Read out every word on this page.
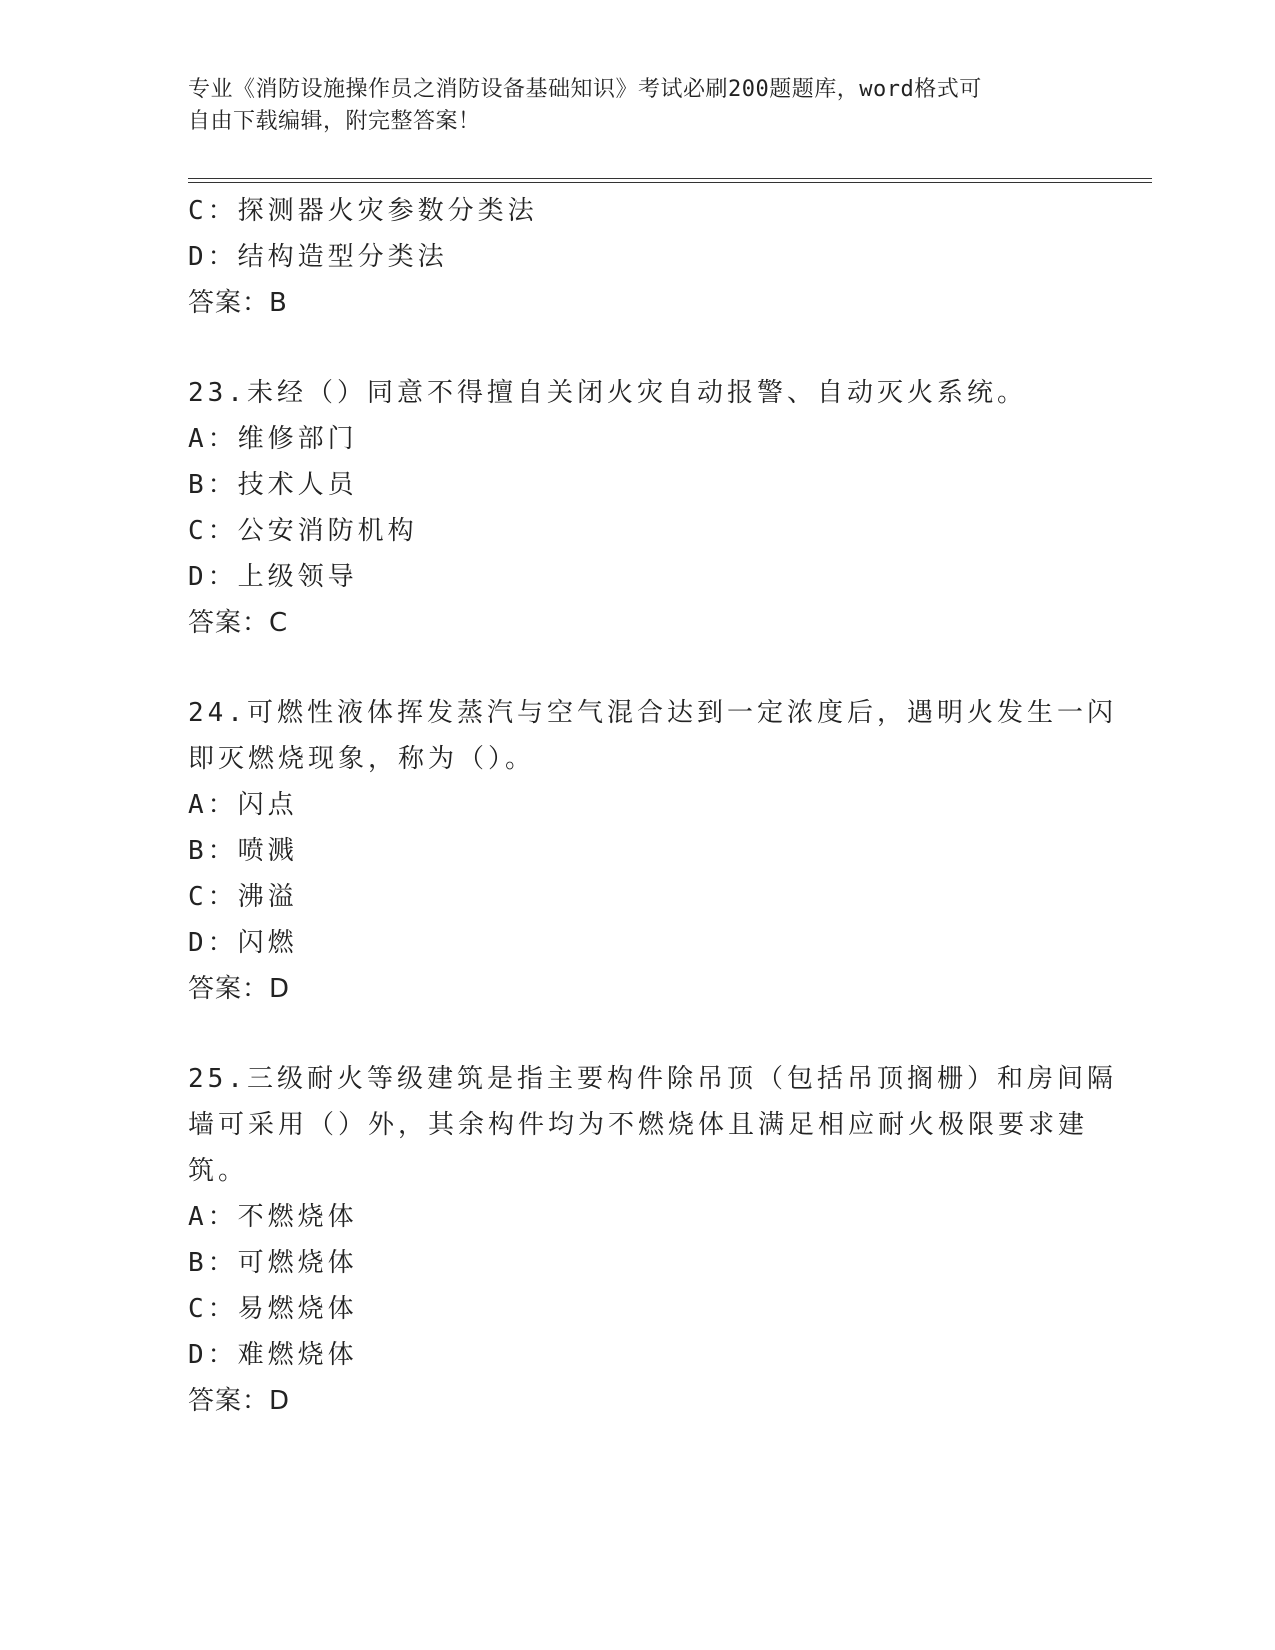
专业《消防设施操作员之消防设备基础知识》考试必刷200题题库，word格式可

自由下载编辑，附完整答案！

C：探测器火灾参数分类法
D：结构造型分类法
答案：B
23.未经（）同意不得擅自关闭火灾自动报警、自动灭火系统。
A：维修部门
B：技术人员
C：公安消防机构
D：上级领导
答案：C
24.可燃性液体挥发蒸汽与空气混合达到一定浓度后，遇明火发生一闪
即灭燃烧现象，称为（）。
A：闪点
B：喷溅
C：沸溢
D：闪燃
答案：D
25.三级耐火等级建筑是指主要构件除吊顶（包括吊顶搁栅）和房间隔
墙可采用（）外，其余构件均为不燃烧体且满足相应耐火极限要求建
筑。
A：不燃烧体
B：可燃烧体
C：易燃烧体
D：难燃烧体
答案：D
